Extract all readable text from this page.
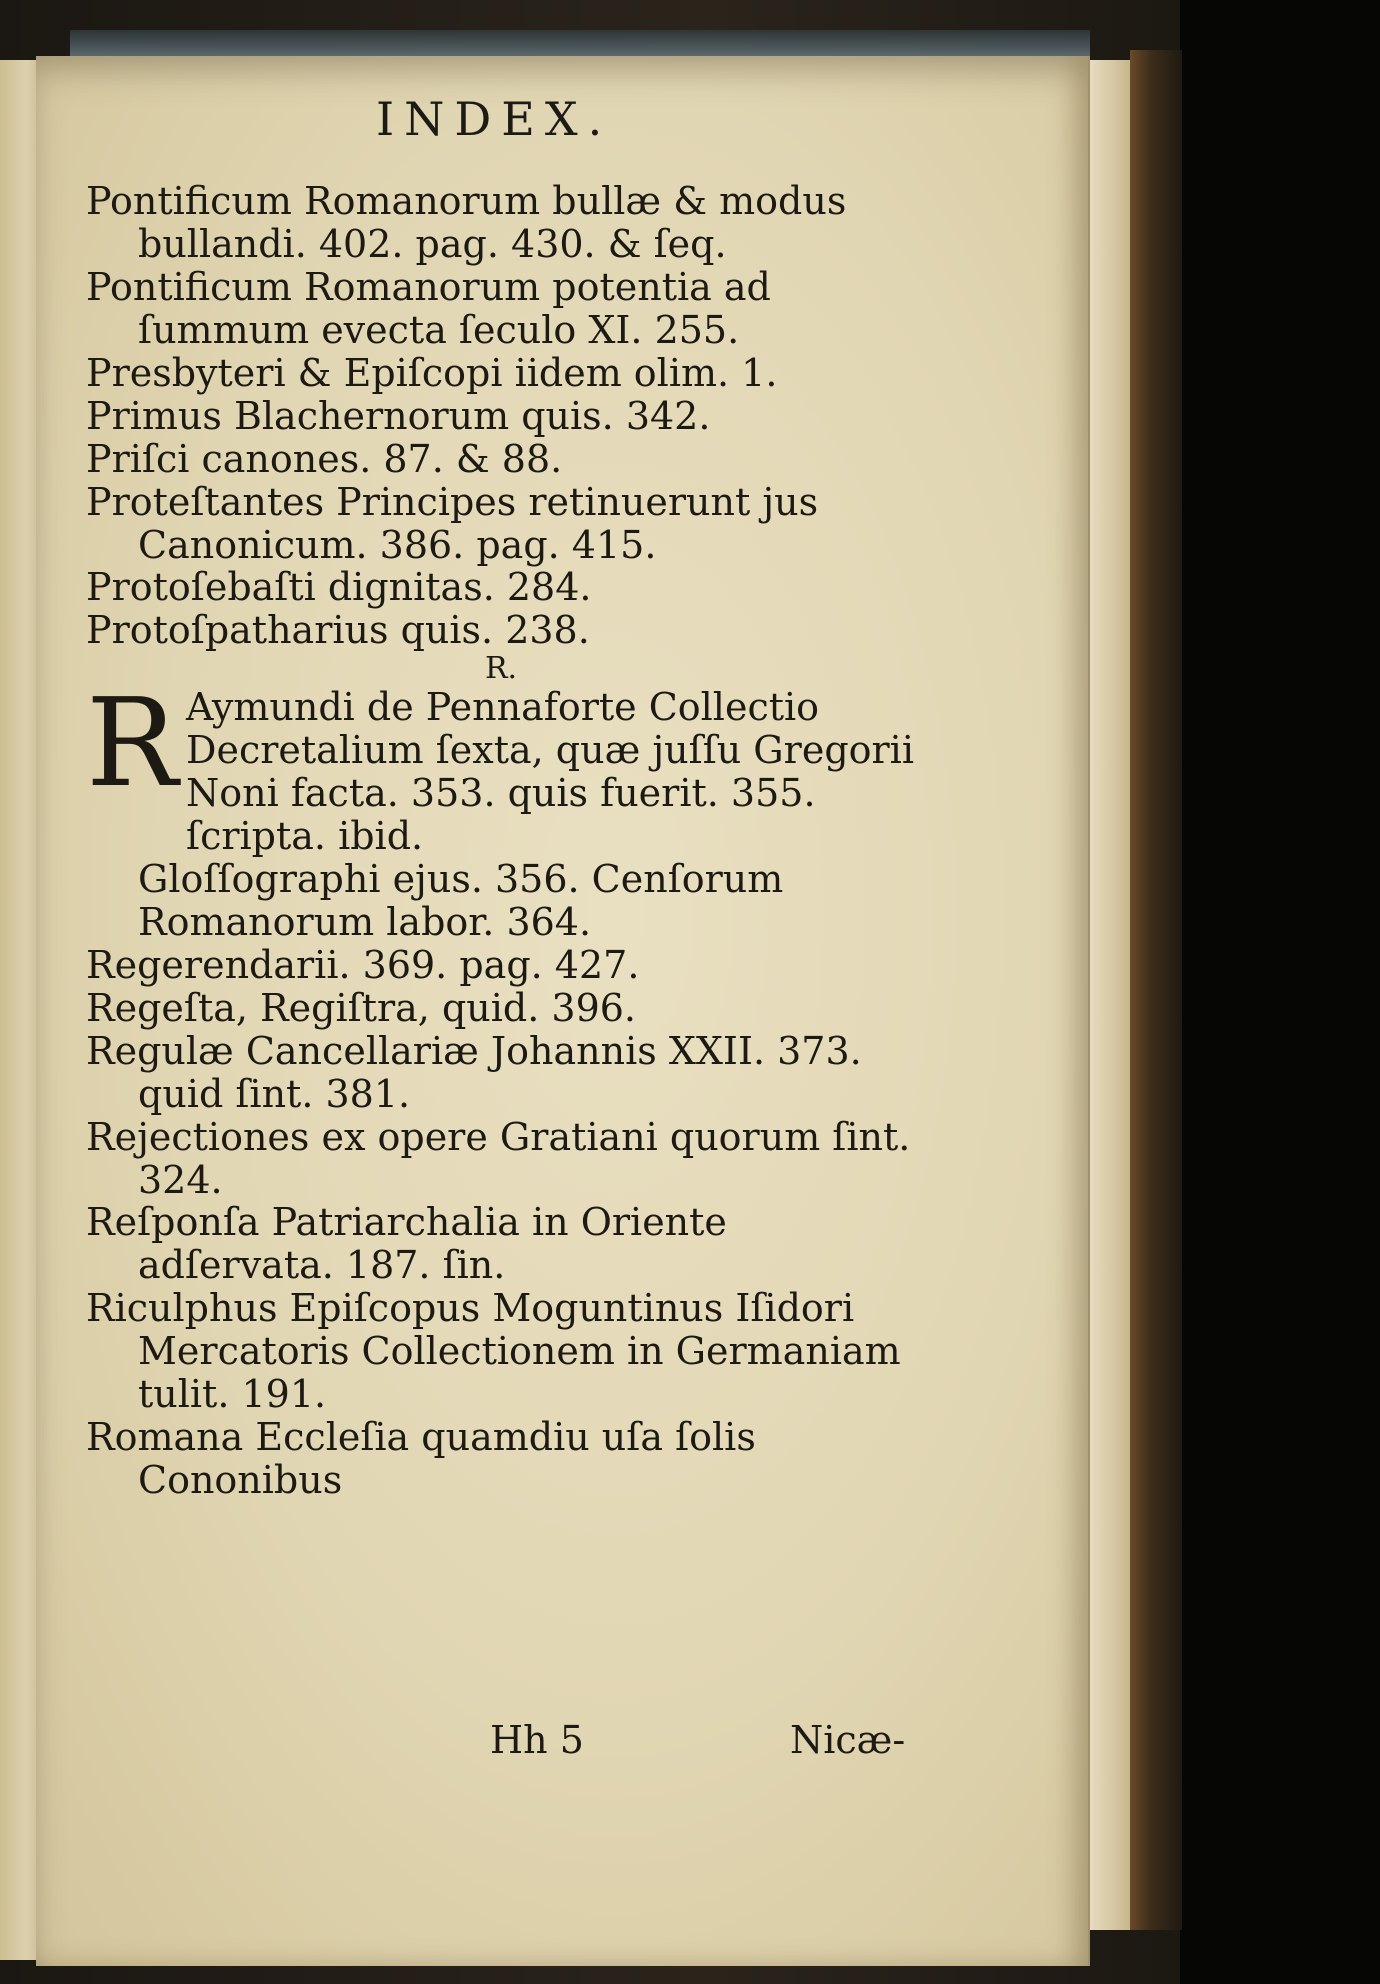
INDEX.
Pontificum Romanorum bullæ & modus bullandi. 402. pag. 430. & ſeq.
Pontificum Romanorum potentia ad ſummum evecta ſeculo XI. 255.
Presbyteri & Epiſcopi iidem olim. 1.
Primus Blachernorum quis. 342.
Priſci canones. 87. & 88.
Proteſtantes Principes retinuerunt jus Canonicum. 386. pag. 415.
Protoſebaſti dignitas. 284.
Protoſpatharius quis. 238.
R.
R Aymundi de Pennaforte Collectio Decretalium ſexta, quæ juſſu Gregorii Noni facta. 353. quis fuerit. 355. ſcripta. ibid.
Gloſſographi ejus. 356. Cenſorum Romanorum labor. 364.
Regerendarii. 369. pag. 427.
Regeſta, Regiſtra, quid. 396.
Regulæ Cancellariæ Johannis XXII. 373. quid ſint. 381.
Rejectiones ex opere Gratiani quorum ſint. 324.
Reſponſa Patriarchalia in Oriente adſervata. 187. ſin.
Riculphus Epiſcopus Moguntinus Iſidori Mercatoris Collectionem in Germaniam tulit. 191.
Romana Eccleſia quamdiu uſa ſolis Cononibus
Hh 5	Nicæ-
